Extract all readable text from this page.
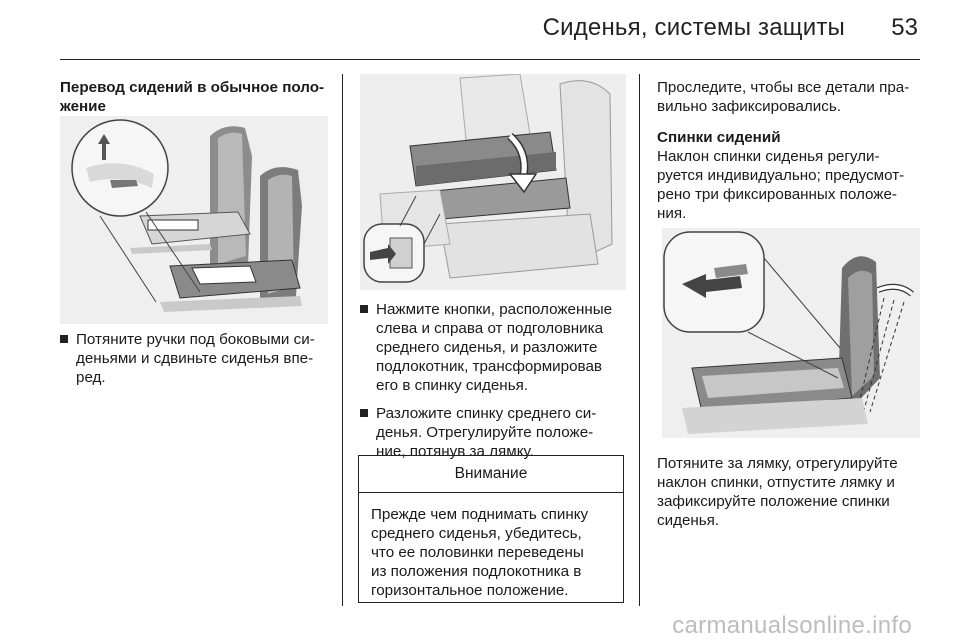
Сиденья, системы защиты 53

Перевод сидений в обычное поло-

жение

Потяните ручки под боковыми си-
деньями и сдвиньте сиденья впе-
ред.
Нажмите кнопки, расположенные
слева и справа от подголовника
среднего сиденья, и разложите
подлокотник, трансформировав
его в спинку сиденья.
Разложите спинку среднего си-
денья. Отрегулируйте положе-
ние, потянув за лямку.
Внимание
Прежде чем поднимать спинку
среднего сиденья, убедитесь,
что ее половинки переведены
из положения подлокотника в
горизонтальное положение.
Проследите, чтобы все детали пра-
вильно зафиксировались.

Спинки сидений

Наклон спинки сиденья регули-
руется индивидуально; предусмот-
рено три фиксированных положе-
ния.
Потяните за лямку, отрегулируйте
наклон спинки, отпустите лямку и
зафиксируйте положение спинки
сиденья.
carmanualsonline.info
